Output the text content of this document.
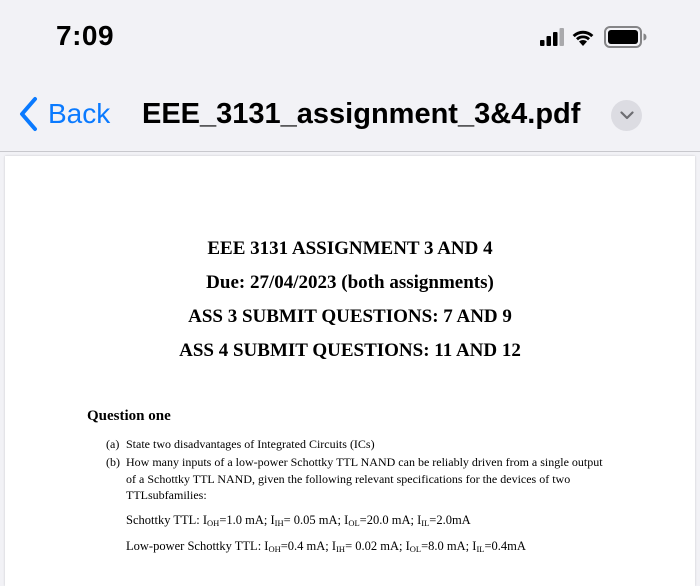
7:09
Back EEE_3131_assignment_3&4.pdf
EEE 3131 ASSIGNMENT 3 AND 4
Due: 27/04/2023 (both assignments)
ASS 3 SUBMIT QUESTIONS: 7 AND 9
ASS 4 SUBMIT QUESTIONS: 11 AND 12
Question one
(a) State two disadvantages of Integrated Circuits (ICs)
(b) How many inputs of a low-power Schottky TTL NAND can be reliably driven from a single output of a Schottky TTL NAND, given the following relevant specifications for the devices of two TTLsubfamilies:
Schottky TTL: $I_{OH}=1.0$ mA; $I_{IH}= 0.05$ mA; $I_{OL}=20.0$ mA; $I_{IL}=2.0mA$
Low-power Schottky TTL: $I_{OH}=0.4$ mA; $I_{IH}= 0.02$ mA; $I_{OL}=8.0$ mA; $I_{IL}=0.4mA$
